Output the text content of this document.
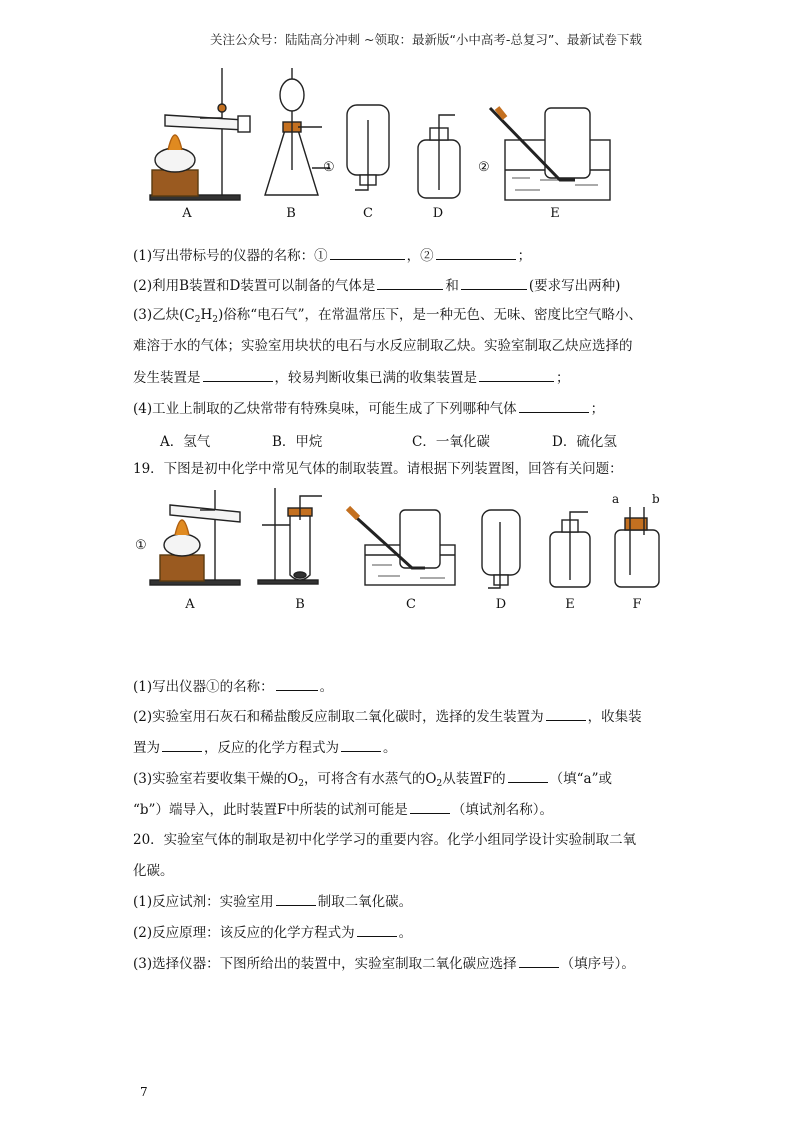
关注公众号：陆陆高分冲刺 ~领取：最新版“小中高考-总复习”、最新试卷下载
①	②
A	B	C	D	E
(1)写出带标号的仪器的名称：①	，②	；
(2)利用B装置和D装置可以制备的气体是	和	(要求写出两种)
(3)乙炔$(C_2H_2)$俗称“电石气”，在常温常压下，是一种无色、无味、密度比空气略小、
难溶于水的气体；实验室用块状的电石与水反应制取乙炔。实验室制取乙炔应选择的
发生装置是	，较易判断收集已满的收集装置是	；
(4)工业上制取的乙炔常带有特殊臭味，可能生成了下列哪种气体	；
A．氢气	B．甲烷	C．一氧化碳	D．硫化氢
19．下图是初中化学中常见气体的制取装置。请根据下列装置图，回答有关问题：
①
a	b
A	B	C	D	E	F
(1)写出仪器①的名称：	。
(2)实验室用石灰石和稀盐酸反应制取二氧化碳时，选择的发生装置为	，收集装
置为	，反应的化学方程式为	。
(3)实验室若要收集干燥的$O_2$，可将含有水蒸气的$O_2$从装置F的	（填“a”或
“b”）端导入，此时装置F中所装的试剂可能是	（填试剂名称）。
20．实验室气体的制取是初中化学学习的重要内容。化学小组同学设计实验制取二氧
化碳。
(1)反应试剂：实验室用	制取二氧化碳。
(2)反应原理：该反应的化学方程式为	。
(3)选择仪器：下图所给出的装置中，实验室制取二氧化碳应选择	（填序号）。
7
